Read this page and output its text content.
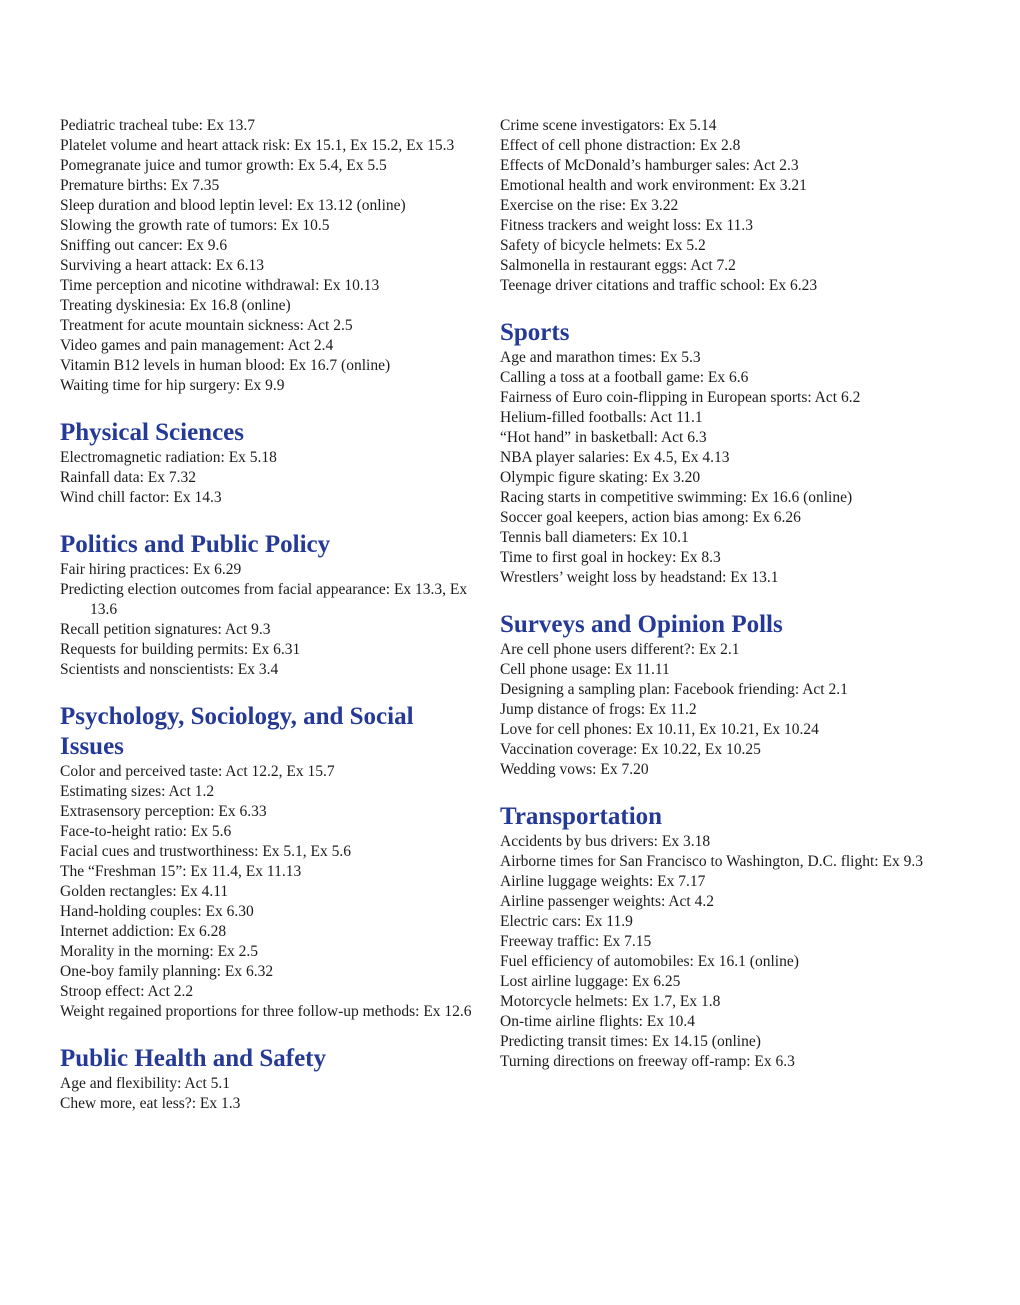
Pediatric tracheal tube: Ex 13.7
Platelet volume and heart attack risk: Ex 15.1, Ex 15.2, Ex 15.3
Pomegranate juice and tumor growth: Ex 5.4, Ex 5.5
Premature births: Ex 7.35
Sleep duration and blood leptin level: Ex 13.12 (online)
Slowing the growth rate of tumors: Ex 10.5
Sniffing out cancer: Ex 9.6
Surviving a heart attack: Ex 6.13
Time perception and nicotine withdrawal: Ex 10.13
Treating dyskinesia: Ex 16.8 (online)
Treatment for acute mountain sickness: Act 2.5
Video games and pain management: Act 2.4
Vitamin B12 levels in human blood: Ex 16.7 (online)
Waiting time for hip surgery: Ex 9.9
Physical Sciences
Electromagnetic radiation: Ex 5.18
Rainfall data: Ex 7.32
Wind chill factor: Ex 14.3
Politics and Public Policy
Fair hiring practices: Ex 6.29
Predicting election outcomes from facial appearance: Ex 13.3, Ex 13.6
Recall petition signatures: Act 9.3
Requests for building permits: Ex 6.31
Scientists and nonscientists: Ex 3.4
Psychology, Sociology, and Social Issues
Color and perceived taste: Act 12.2, Ex 15.7
Estimating sizes: Act 1.2
Extrasensory perception: Ex 6.33
Face-to-height ratio: Ex 5.6
Facial cues and trustworthiness: Ex 5.1, Ex 5.6
The “Freshman 15”: Ex 11.4, Ex 11.13
Golden rectangles: Ex 4.11
Hand-holding couples: Ex 6.30
Internet addiction: Ex 6.28
Morality in the morning: Ex 2.5
One-boy family planning: Ex 6.32
Stroop effect: Act 2.2
Weight regained proportions for three follow-up methods: Ex 12.6
Public Health and Safety
Age and flexibility: Act 5.1
Chew more, eat less?: Ex 1.3
Crime scene investigators: Ex 5.14
Effect of cell phone distraction: Ex 2.8
Effects of McDonald’s hamburger sales: Act 2.3
Emotional health and work environment: Ex 3.21
Exercise on the rise: Ex 3.22
Fitness trackers and weight loss: Ex 11.3
Safety of bicycle helmets: Ex 5.2
Salmonella in restaurant eggs: Act 7.2
Teenage driver citations and traffic school: Ex 6.23
Sports
Age and marathon times: Ex 5.3
Calling a toss at a football game: Ex 6.6
Fairness of Euro coin-flipping in European sports: Act 6.2
Helium-filled footballs: Act 11.1
“Hot hand” in basketball: Act 6.3
NBA player salaries: Ex 4.5, Ex 4.13
Olympic figure skating: Ex 3.20
Racing starts in competitive swimming: Ex 16.6 (online)
Soccer goal keepers, action bias among: Ex 6.26
Tennis ball diameters: Ex 10.1
Time to first goal in hockey: Ex 8.3
Wrestlers’ weight loss by headstand: Ex 13.1
Surveys and Opinion Polls
Are cell phone users different?: Ex 2.1
Cell phone usage: Ex 11.11
Designing a sampling plan: Facebook friending: Act 2.1
Jump distance of frogs: Ex 11.2
Love for cell phones: Ex 10.11, Ex 10.21, Ex 10.24
Vaccination coverage: Ex 10.22, Ex 10.25
Wedding vows: Ex 7.20
Transportation
Accidents by bus drivers: Ex 3.18
Airborne times for San Francisco to Washington, D.C. flight: Ex 9.3
Airline luggage weights: Ex 7.17
Airline passenger weights: Act 4.2
Electric cars: Ex 11.9
Freeway traffic: Ex 7.15
Fuel efficiency of automobiles: Ex 16.1 (online)
Lost airline luggage: Ex 6.25
Motorcycle helmets: Ex 1.7, Ex 1.8
On-time airline flights: Ex 10.4
Predicting transit times: Ex 14.15 (online)
Turning directions on freeway off-ramp: Ex 6.3
